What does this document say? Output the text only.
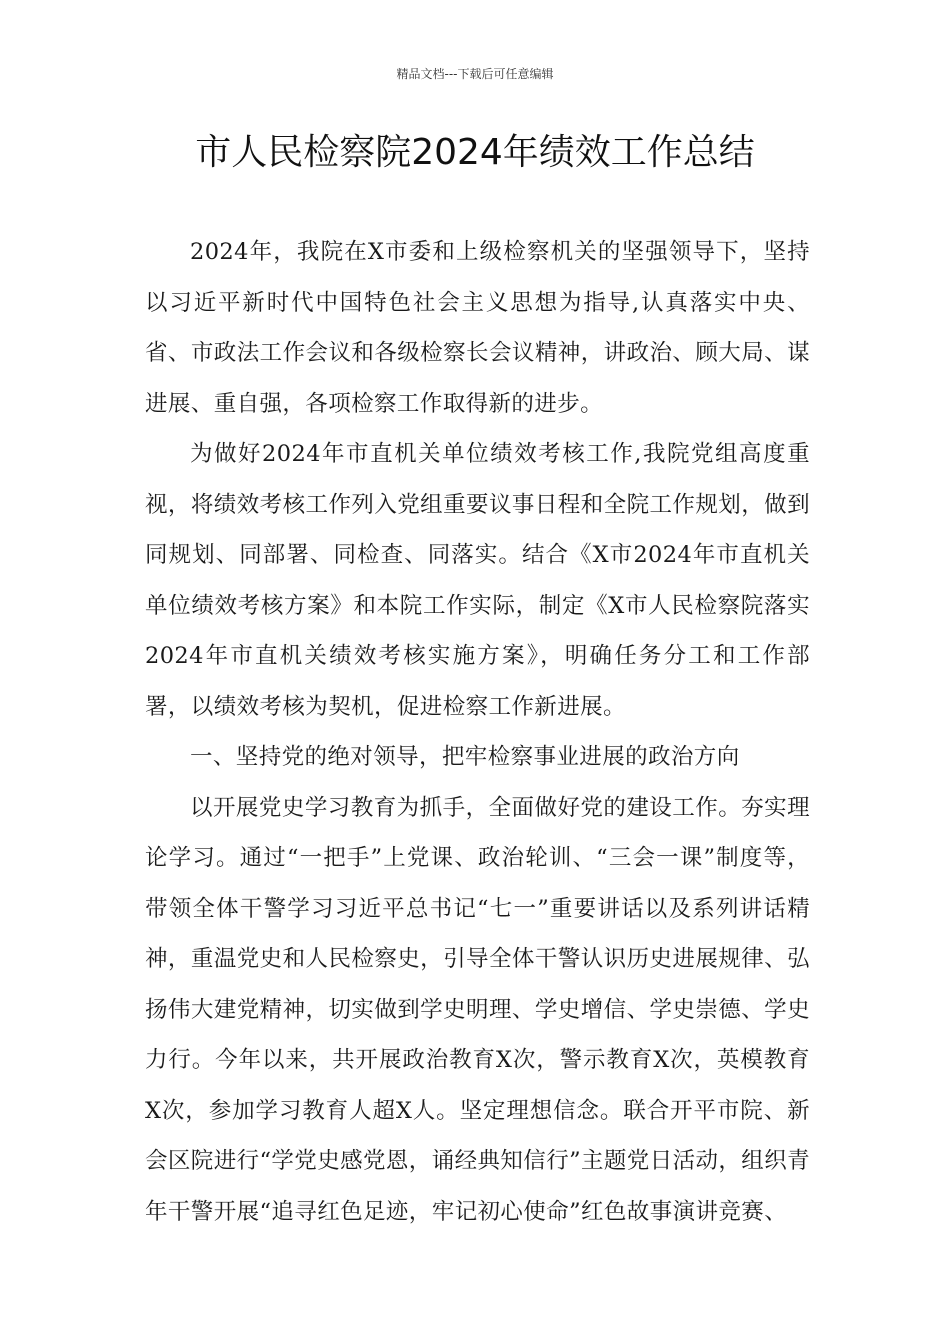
精品文档---下载后可任意编辑
市人民检察院2024年绩效工作总结

2024年，我院在X市委和上级检察机关的坚强领导下，坚持以习近平新时代中国特色社会主义思想为指导,认真落实中央、省、市政法工作会议和各级检察长会议精神，讲政治、顾大局、谋进展、重自强，各项检察工作取得新的进步。

为做好2024年市直机关单位绩效考核工作,我院党组高度重视，将绩效考核工作列入党组重要议事日程和全院工作规划，做到同规划、同部署、同检查、同落实。结合《X市2024年市直机关单位绩效考核方案》和本院工作实际，制定《X市人民检察院落实2024年市直机关绩效考核实施方案》，明确任务分工和工作部署，以绩效考核为契机，促进检察工作新进展。

一、坚持党的绝对领导，把牢检察事业进展的政治方向

以开展党史学习教育为抓手，全面做好党的建设工作。夯实理论学习。通过“一把手”上党课、政治轮训、“三会一课”制度等，带领全体干警学习习近平总书记“七一”重要讲话以及系列讲话精神，重温党史和人民检察史，引导全体干警认识历史进展规律、弘扬伟大建党精神，切实做到学史明理、学史增信、学史崇德、学史力行。今年以来，共开展政治教育X次，警示教育X次，英模教育X次，参加学习教育人超X人。坚定理想信念。联合开平市院、新会区院进行“学党史感党恩，诵经典知信行”主题党日活动，组织青年干警开展“追寻红色足迹，牢记初心使命”红色故事演讲竞赛、
